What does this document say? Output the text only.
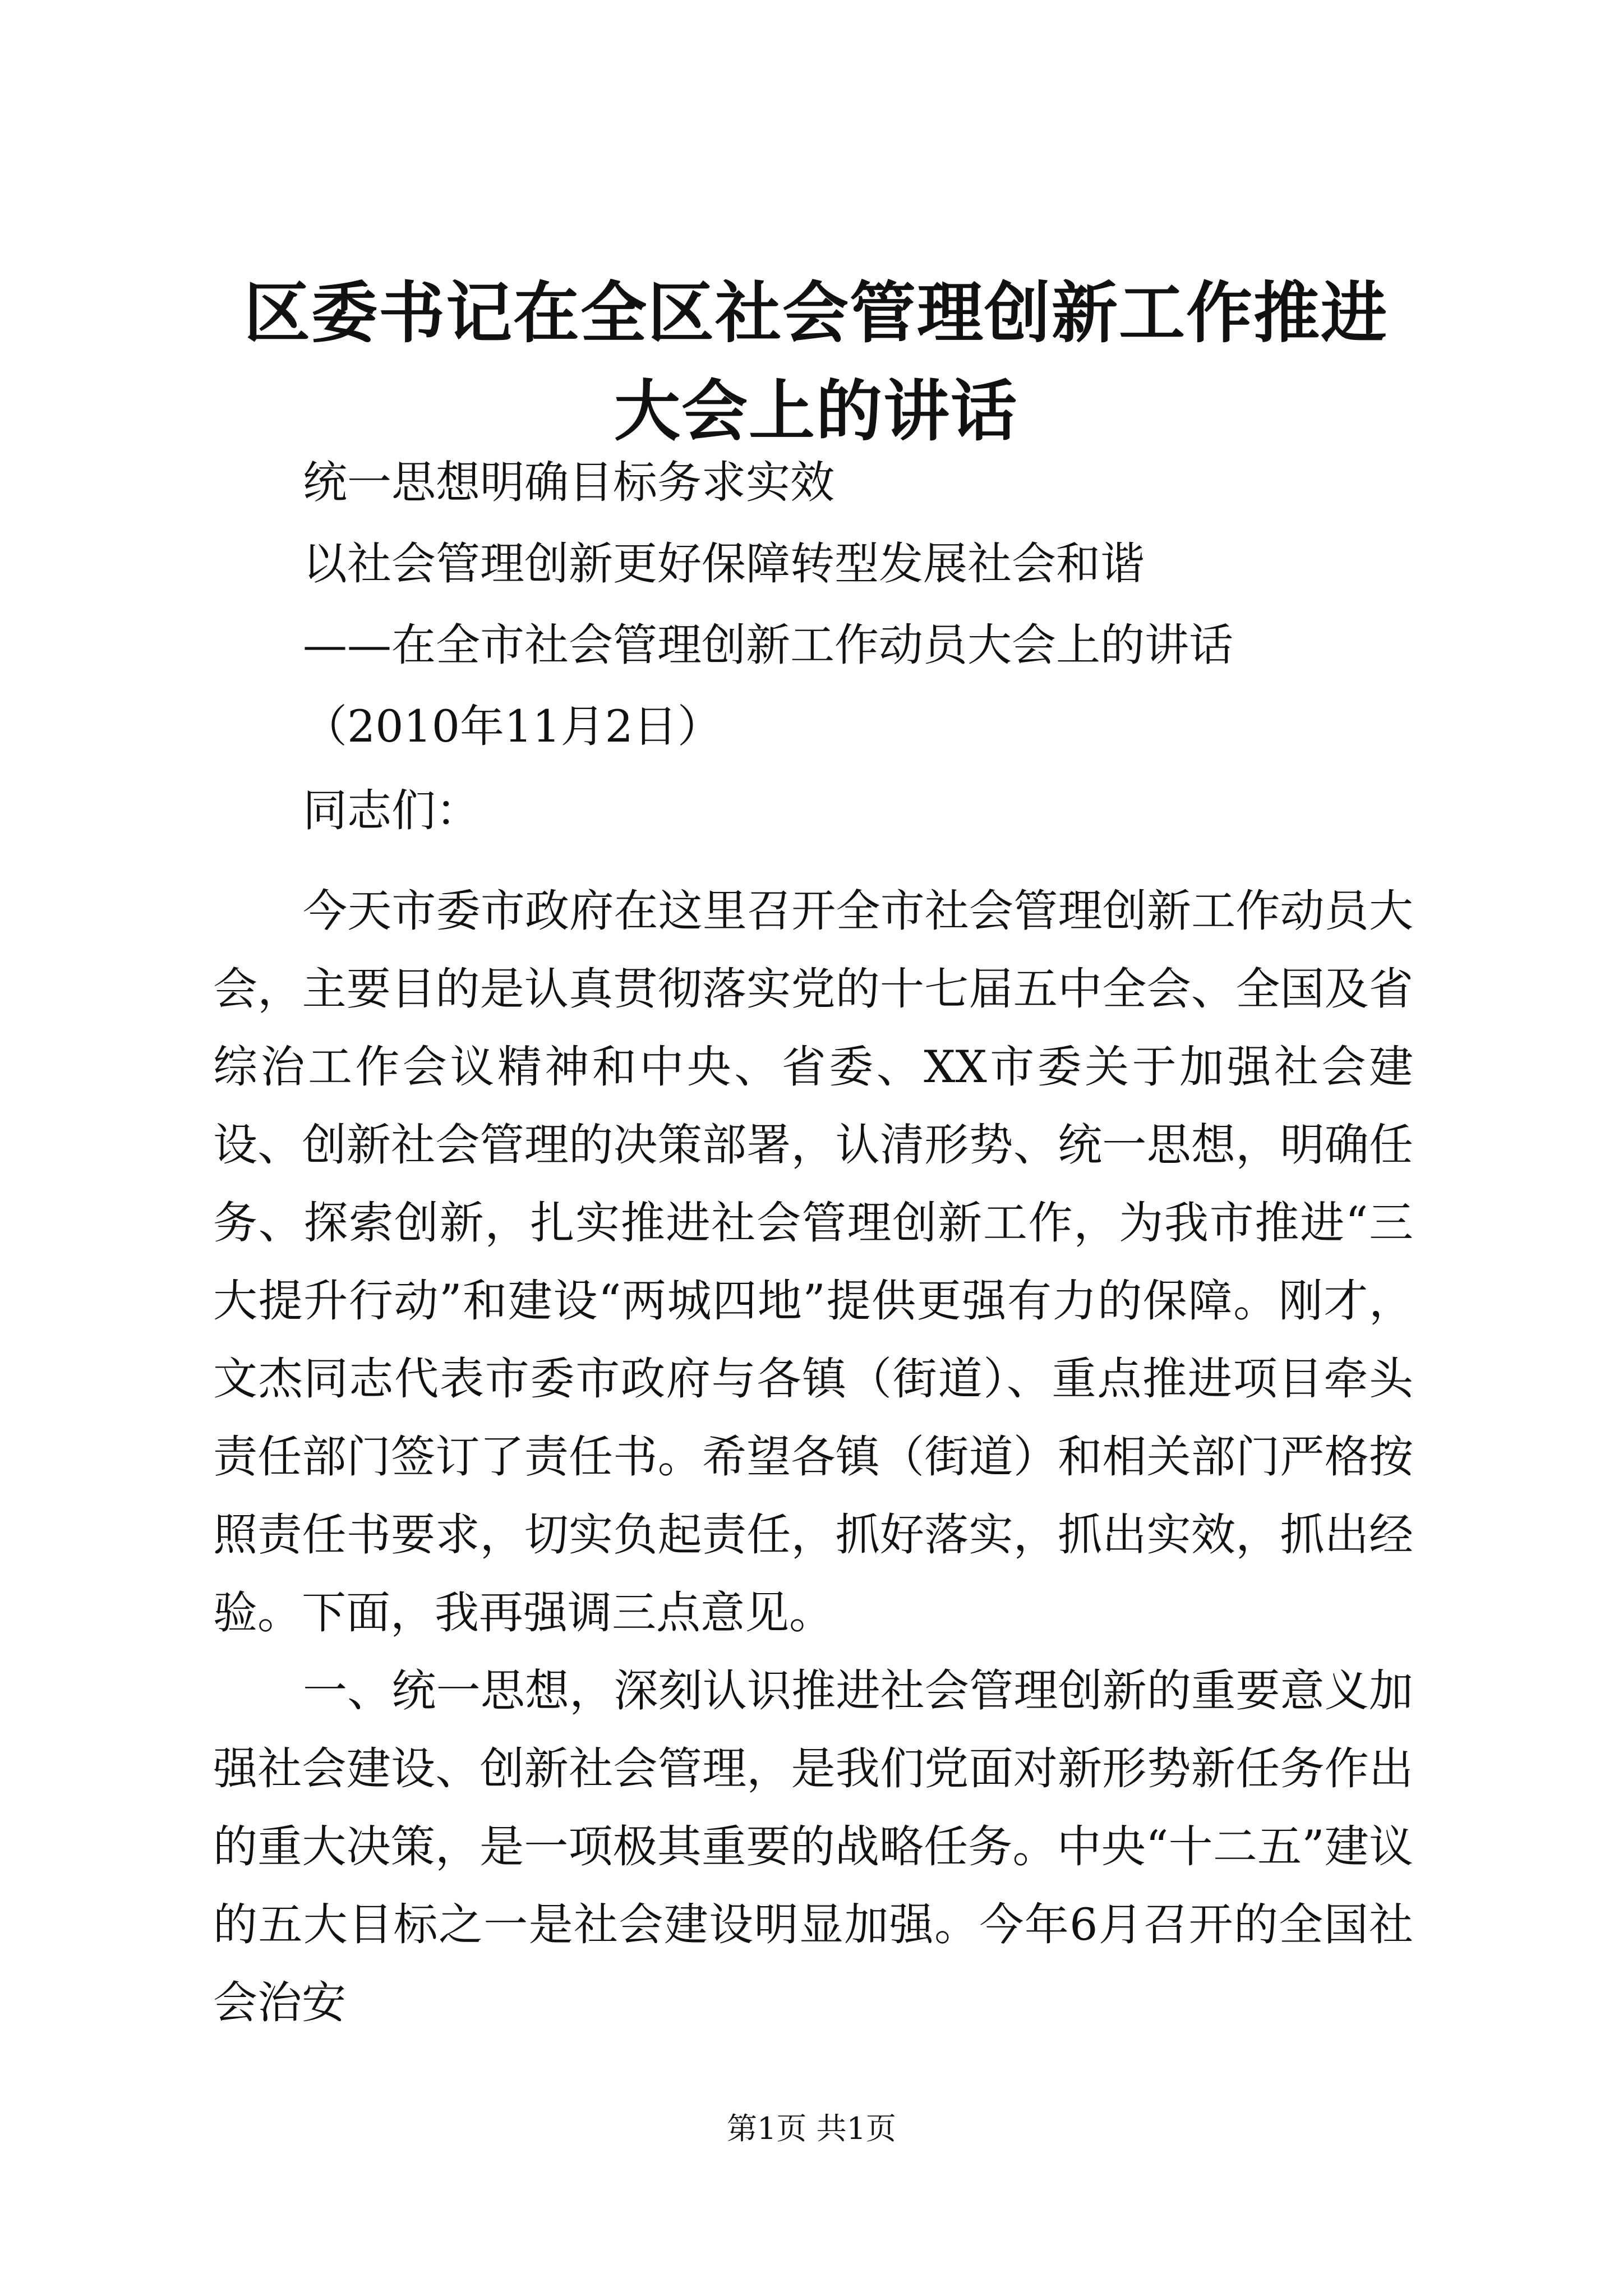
区委书记在全区社会管理创新工作推进大会上的讲话
统一思想明确目标务求实效
以社会管理创新更好保障转型发展社会和谐
——在全市社会管理创新工作动员大会上的讲话
（2010年11月2日）
同志们：

今天市委市政府在这里召开全市社会管理创新工作动员大会，主要目的是认真贯彻落实党的十七届五中全会、全国及省综治工作会议精神和中央、省委、XX市委关于加强社会建设、创新社会管理的决策部署，认清形势、统一思想，明确任务、探索创新，扎实推进社会管理创新工作，为我市推进“三大提升行动”和建设“两城四地”提供更强有力的保障。刚才，文杰同志代表市委市政府与各镇（街道）、重点推进项目牵头责任部门签订了责任书。希望各镇（街道）和相关部门严格按照责任书要求，切实负起责任，抓好落实，抓出实效，抓出经验。下面，我再强调三点意见。

一、统一思想，深刻认识推进社会管理创新的重要意义加强社会建设、创新社会管理，是我们党面对新形势新任务作出的重大决策，是一项极其重要的战略任务。中央“十二五”建议的五大目标之一是社会建设明显加强。今年6月召开的全国社会治安

第1页 共1页
